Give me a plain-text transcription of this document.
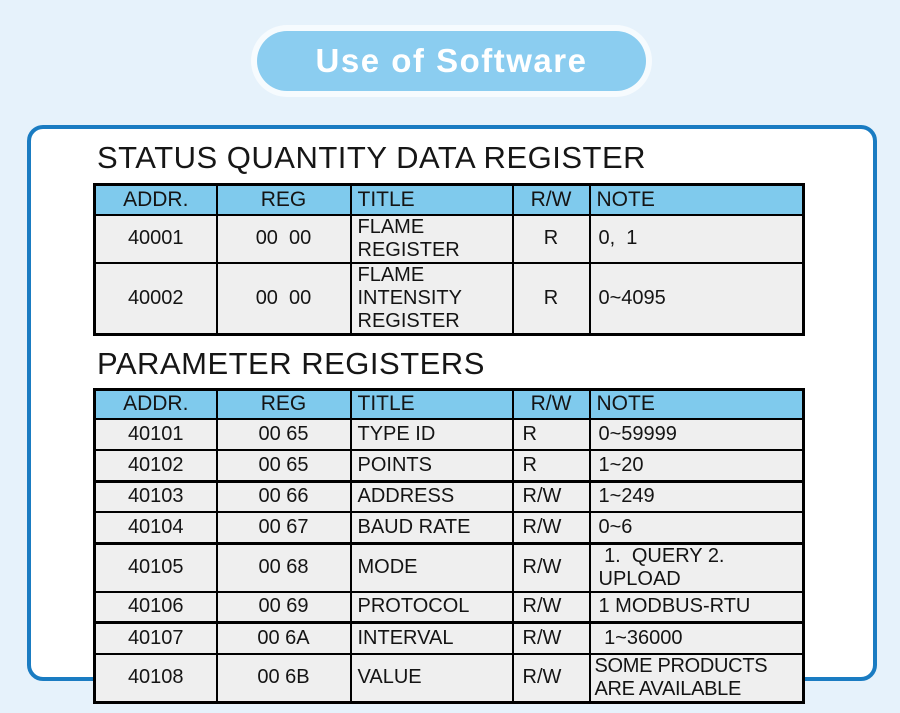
Use of Software
STATUS QUANTITY DATA REGISTER
ADDR.	REG	TITLE	R/W	NOTE
40001	00  00	FLAME REGISTER	R	0,  1
40002	00  00	FLAME INTENSITY REGISTER	R	0~4095
PARAMETER REGISTERS
ADDR.	REG	TITLE	R/W	NOTE
40101	00 65	TYPE ID	R	0~59999
40102	00 65	POINTS	R	1~20
40103	00 66	ADDRESS	R/W	1~249
40104	00 67	BAUD RATE	R/W	0~6
40105	00 68	MODE	R/W	1.  QUERY 2. UPLOAD
40106	00 69	PROTOCOL	R/W	1 MODBUS-RTU
40107	00 6A	INTERVAL	R/W	1~36000
40108	00 6B	VALUE	R/W	SOME PRODUCTS ARE AVAILABLE
